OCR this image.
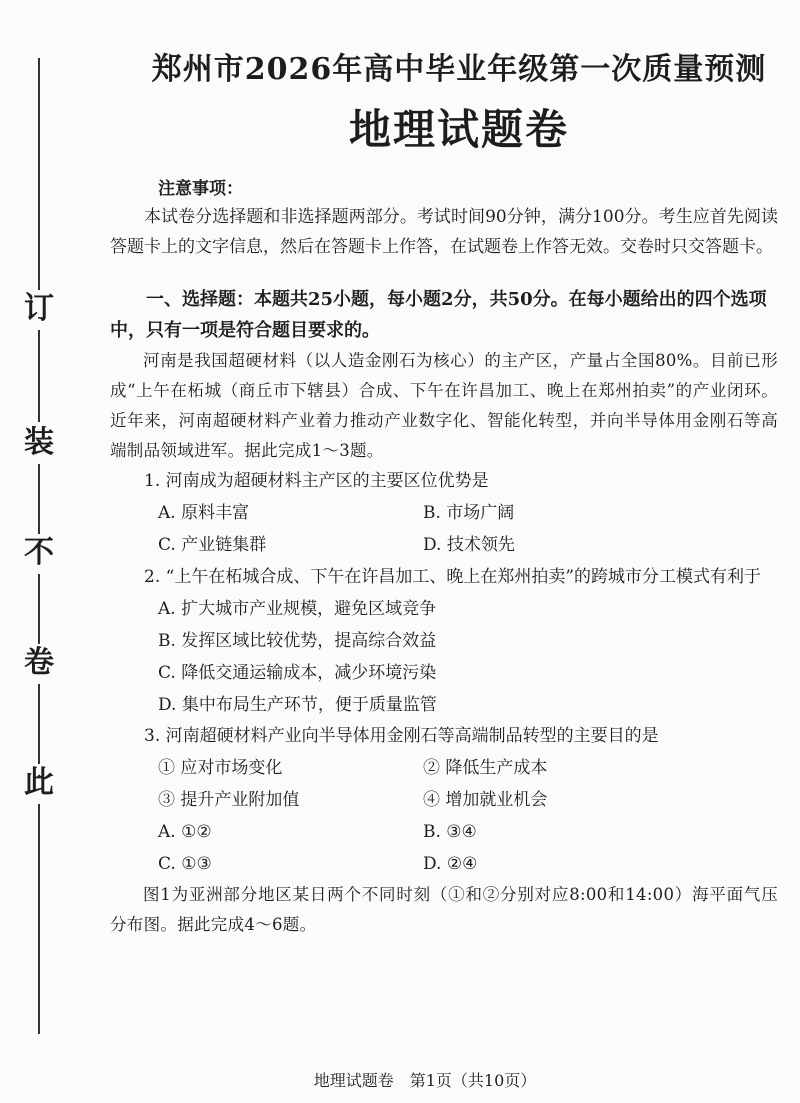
订
装
不
卷
此
郑州市2026年高中毕业年级第一次质量预测
地理试题卷
注意事项：
本试卷分选择题和非选择题两部分。考试时间90分钟，满分100分。考生应首先阅读答题卡上的文字信息，然后在答题卡上作答，在试题卷上作答无效。交卷时只交答题卡。
一、选择题：本题共25小题，每小题2分，共50分。在每小题给出的四个选项中，只有一项是符合题目要求的。
河南是我国超硬材料（以人造金刚石为核心）的主产区，产量占全国80%。目前已形成“上午在柘城（商丘市下辖县）合成、下午在许昌加工、晚上在郑州拍卖”的产业闭环。近年来，河南超硬材料产业着力推动产业数字化、智能化转型，并向半导体用金刚石等高端制品领域进军。据此完成1～3题。
1. 河南成为超硬材料主产区的主要区位优势是
A. 原料丰富	B. 市场广阔
C. 产业链集群	D. 技术领先
2. “上午在柘城合成、下午在许昌加工、晚上在郑州拍卖”的跨城市分工模式有利于
A. 扩大城市产业规模，避免区域竞争
B. 发挥区域比较优势，提高综合效益
C. 降低交通运输成本，减少环境污染
D. 集中布局生产环节，便于质量监管
3. 河南超硬材料产业向半导体用金刚石等高端制品转型的主要目的是
① 应对市场变化	② 降低生产成本
③ 提升产业附加值	④ 增加就业机会
A. ①②	B. ③④
C. ①③	D. ②④
图1为亚洲部分地区某日两个不同时刻（①和②分别对应8:00和14:00）海平面气压分布图。据此完成4～6题。
地理试题卷　第1页（共10页）
